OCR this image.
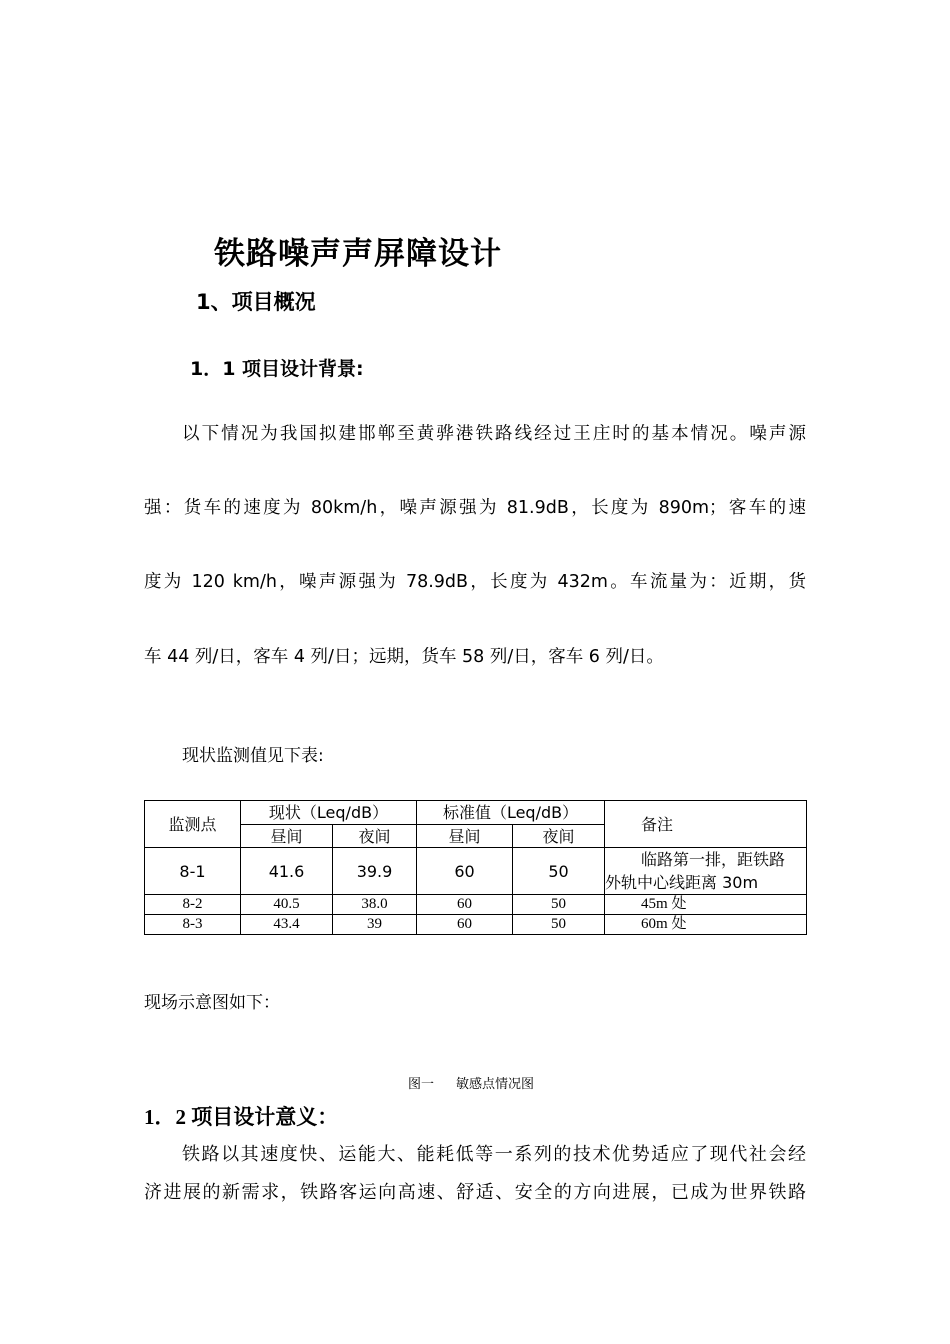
铁路噪声声屏障设计
1、项目概况
1．1 项目设计背景:
以下情况为我国拟建邯郸至黄骅港铁路线经过王庄时的基本情况。噪声源
强：货车的速度为 80km/h，噪声源强为 81.9dB，长度为 890m；客车的速
度为 120 km/h，噪声源强为 78.9dB，长度为 432m。车流量为：近期，货
车 44 列/日，客车 4 列/日；远期，货车 58 列/日，客车 6 列/日。
现状监测值见下表:
监测点	现状（Leq/dB）		标准值（Leq/dB）		备注
	昼间	夜间	昼间	夜间	
8-1	41.6	39.9	60	50	临路第一排，距铁路
外轨中心线距离 30m

8-2	40.5	38.0	60	50	45m 处
8-3	43.4	39	60	50	60m 处
现场示意图如下：
图一 敏感点情况图
1．2 项目设计意义：
铁路以其速度快、运能大、能耗低等一系列的技术优势适应了现代社会经
济进展的新需求，铁路客运向高速、舒适、安全的方向进展，已成为世界铁路
